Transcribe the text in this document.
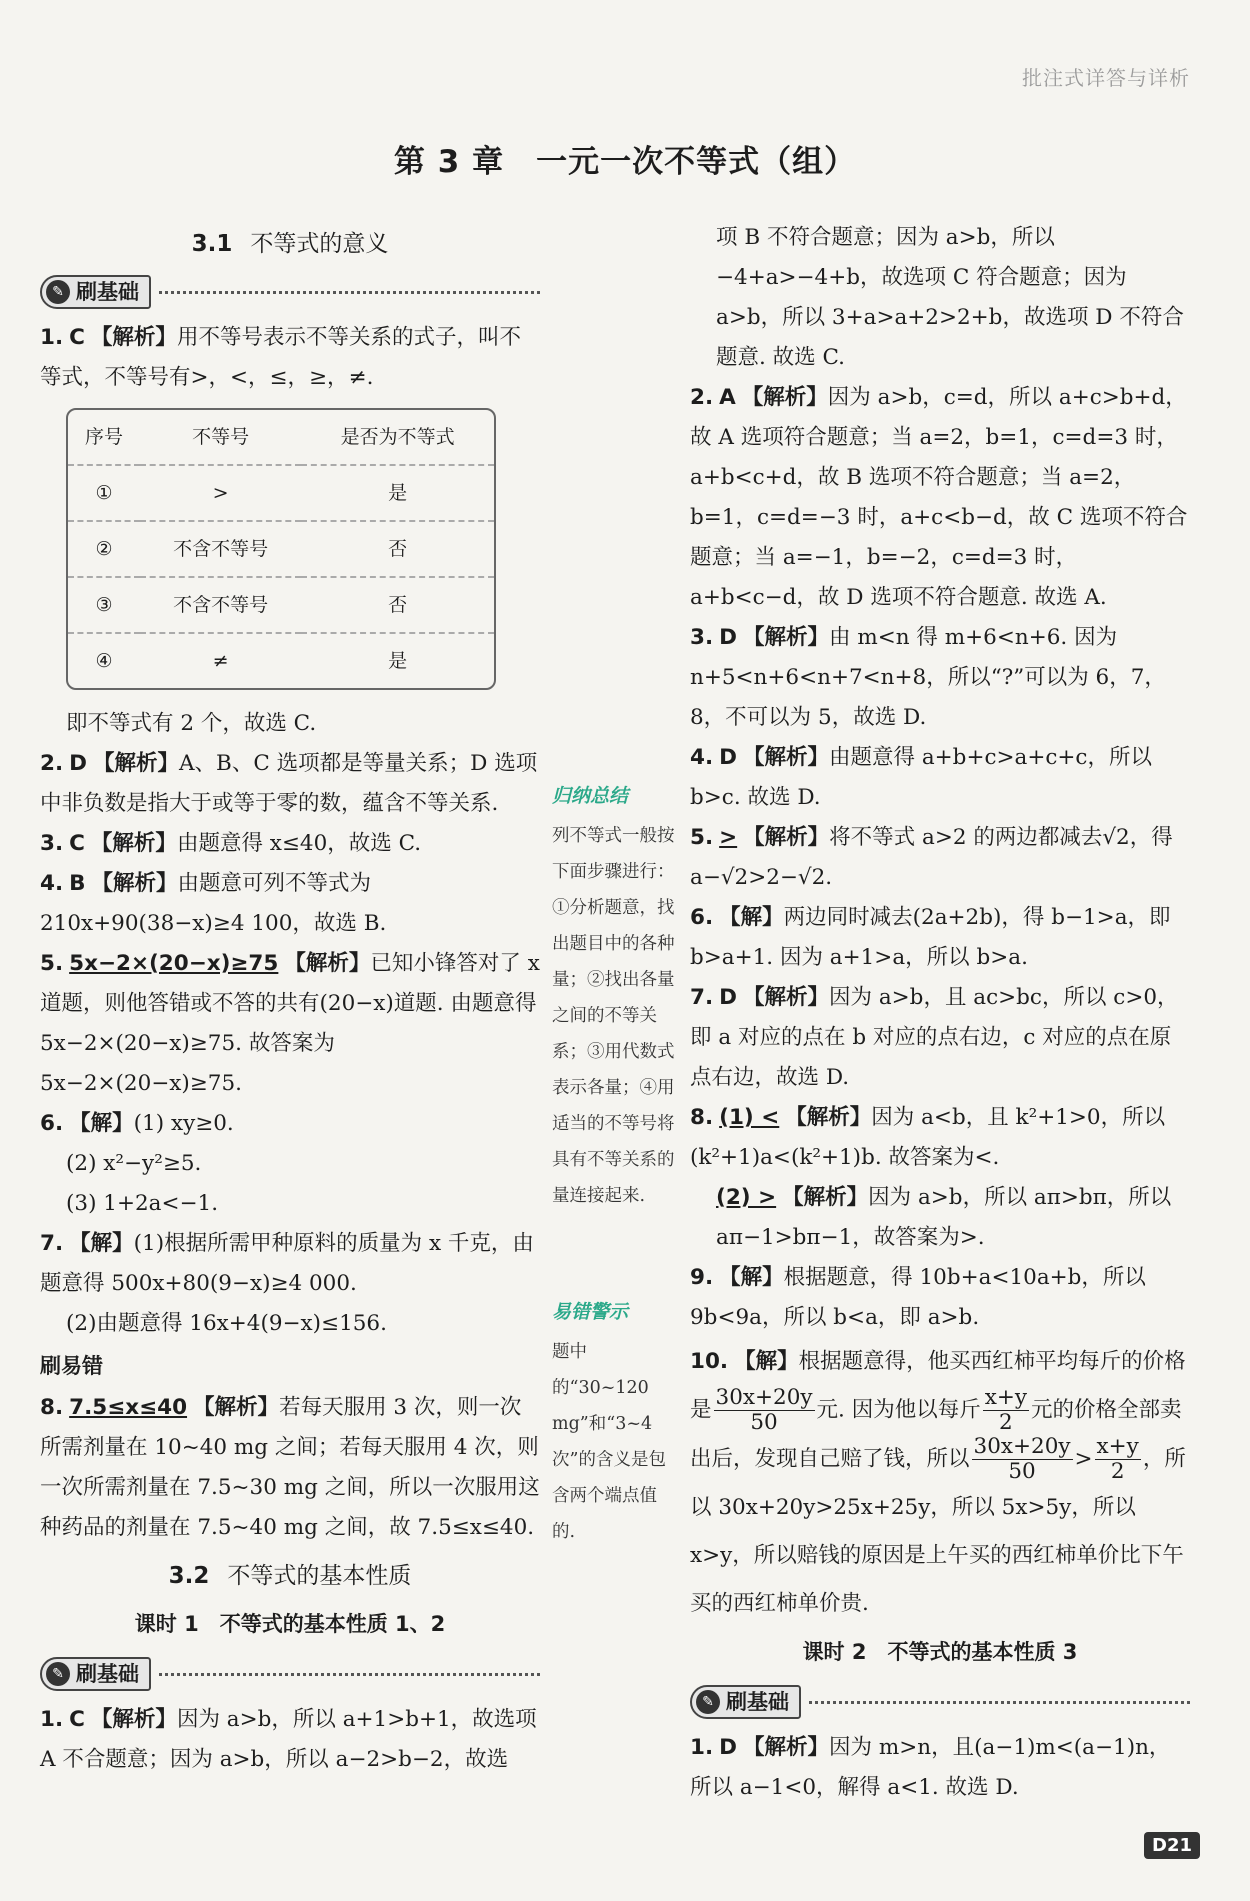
批注式详答与详析
第 3 章　一元一次不等式（组）
3.1 不等式的意义
✎ 刷基础

1. C 【解析】用不等号表示不等关系的式子，叫不等式，不等号有>，<，≤，≥，≠.

序号	不等号	是否为不等式
①	>	是
②	不含不等号	否
③	不含不等号	否
④	≠	是

即不等式有 2 个，故选 C.

2. D 【解析】A、B、C 选项都是等量关系；D 选项中非负数是指大于或等于零的数，蕴含不等关系.

3. C 【解析】由题意得 x≤40，故选 C.

4. B 【解析】由题意可列不等式为 210x+90(38−x)≥4 100，故选 B.

5. 5x−2×(20−x)≥75 【解析】已知小锋答对了 x 道题，则他答错或不答的共有(20−x)道题. 由题意得 5x−2×(20−x)≥75. 故答案为 5x−2×(20−x)≥75.

6. 【解】(1) xy≥0.

(2) x²−y²≥5.

(3) 1+2a<−1.

7. 【解】(1)根据所需甲种原料的质量为 x 千克，由题意得 500x+80(9−x)≥4 000.

(2)由题意得 16x+4(9−x)≤156.

刷易错

8. 7.5≤x≤40 【解析】若每天服用 3 次，则一次所需剂量在 10~40 mg 之间；若每天服用 4 次，则一次所需剂量在 7.5~30 mg 之间，所以一次服用这种药品的剂量在 7.5~40 mg 之间，故 7.5≤x≤40.

3.2 不等式的基本性质
课时 1　不等式的基本性质 1、2
✎ 刷基础

1. C 【解析】因为 a>b，所以 a+1>b+1，故选项 A 不合题意；因为 a>b，所以 a−2>b−2，故选

归纳总结
列不等式一般按下面步骤进行：①分析题意，找出题目中的各种量；②找出各量之间的不等关系；③用代数式表示各量；④用适当的不等号将具有不等关系的量连接起来.
易错警示
题中的“30~120 mg”和“3~4 次”的含义是包含两个端点值的.

项 B 不符合题意；因为 a>b，所以 −4+a>−4+b，故选项 C 符合题意；因为 a>b，所以 3+a>a+2>2+b，故选项 D 不符合题意. 故选 C.

2. A 【解析】因为 a>b，c=d，所以 a+c>b+d，故 A 选项符合题意；当 a=2，b=1，c=d=3 时，a+b<c+d，故 B 选项不符合题意；当 a=2，b=1，c=d=−3 时，a+c<b−d，故 C 选项不符合题意；当 a=−1，b=−2，c=d=3 时，a+b<c−d，故 D 选项不符合题意. 故选 A.

3. D 【解析】由 m<n 得 m+6<n+6. 因为 n+5<n+6<n+7<n+8，所以“?”可以为 6，7，8，不可以为 5，故选 D.

4. D 【解析】由题意得 a+b+c>a+c+c，所以 b>c. 故选 D.

5. > 【解析】将不等式 a>2 的两边都减去√2，得 a−√2>2−√2.

6. 【解】两边同时减去(2a+2b)，得 b−1>a，即 b>a+1. 因为 a+1>a，所以 b>a.

7. D 【解析】因为 a>b，且 ac>bc，所以 c>0，即 a 对应的点在 b 对应的点右边，c 对应的点在原点右边，故选 D.

8. (1) < 【解析】因为 a<b，且 k²+1>0，所以 (k²+1)a<(k²+1)b. 故答案为<.

(2) > 【解析】因为 a>b，所以 aπ>bπ，所以 aπ−1>bπ−1，故答案为>.

9. 【解】根据题意，得 10b+a<10a+b，所以 9b<9a，所以 b<a，即 a>b.

10. 【解】根据题意得，他买西红柿平均每斤的价格是 $\frac{30x+20y}{50}$ 元. 因为他以每斤 $\frac{x+y}{2}$ 元的价格全部卖出后，发现自己赔了钱，所以 $\frac{30x+20y}{50} > \frac{x+y}{2}$ ，所以 30x+20y>25x+25y，所以 5x>5y，所以 x>y，所以赔钱的原因是上午买的西红柿单价比下午买的西红柿单价贵.

课时 2　不等式的基本性质 3
✎ 刷基础

1. D 【解析】因为 m>n，且(a−1)m<(a−1)n，所以 a−1<0，解得 a<1. 故选 D.

D21
